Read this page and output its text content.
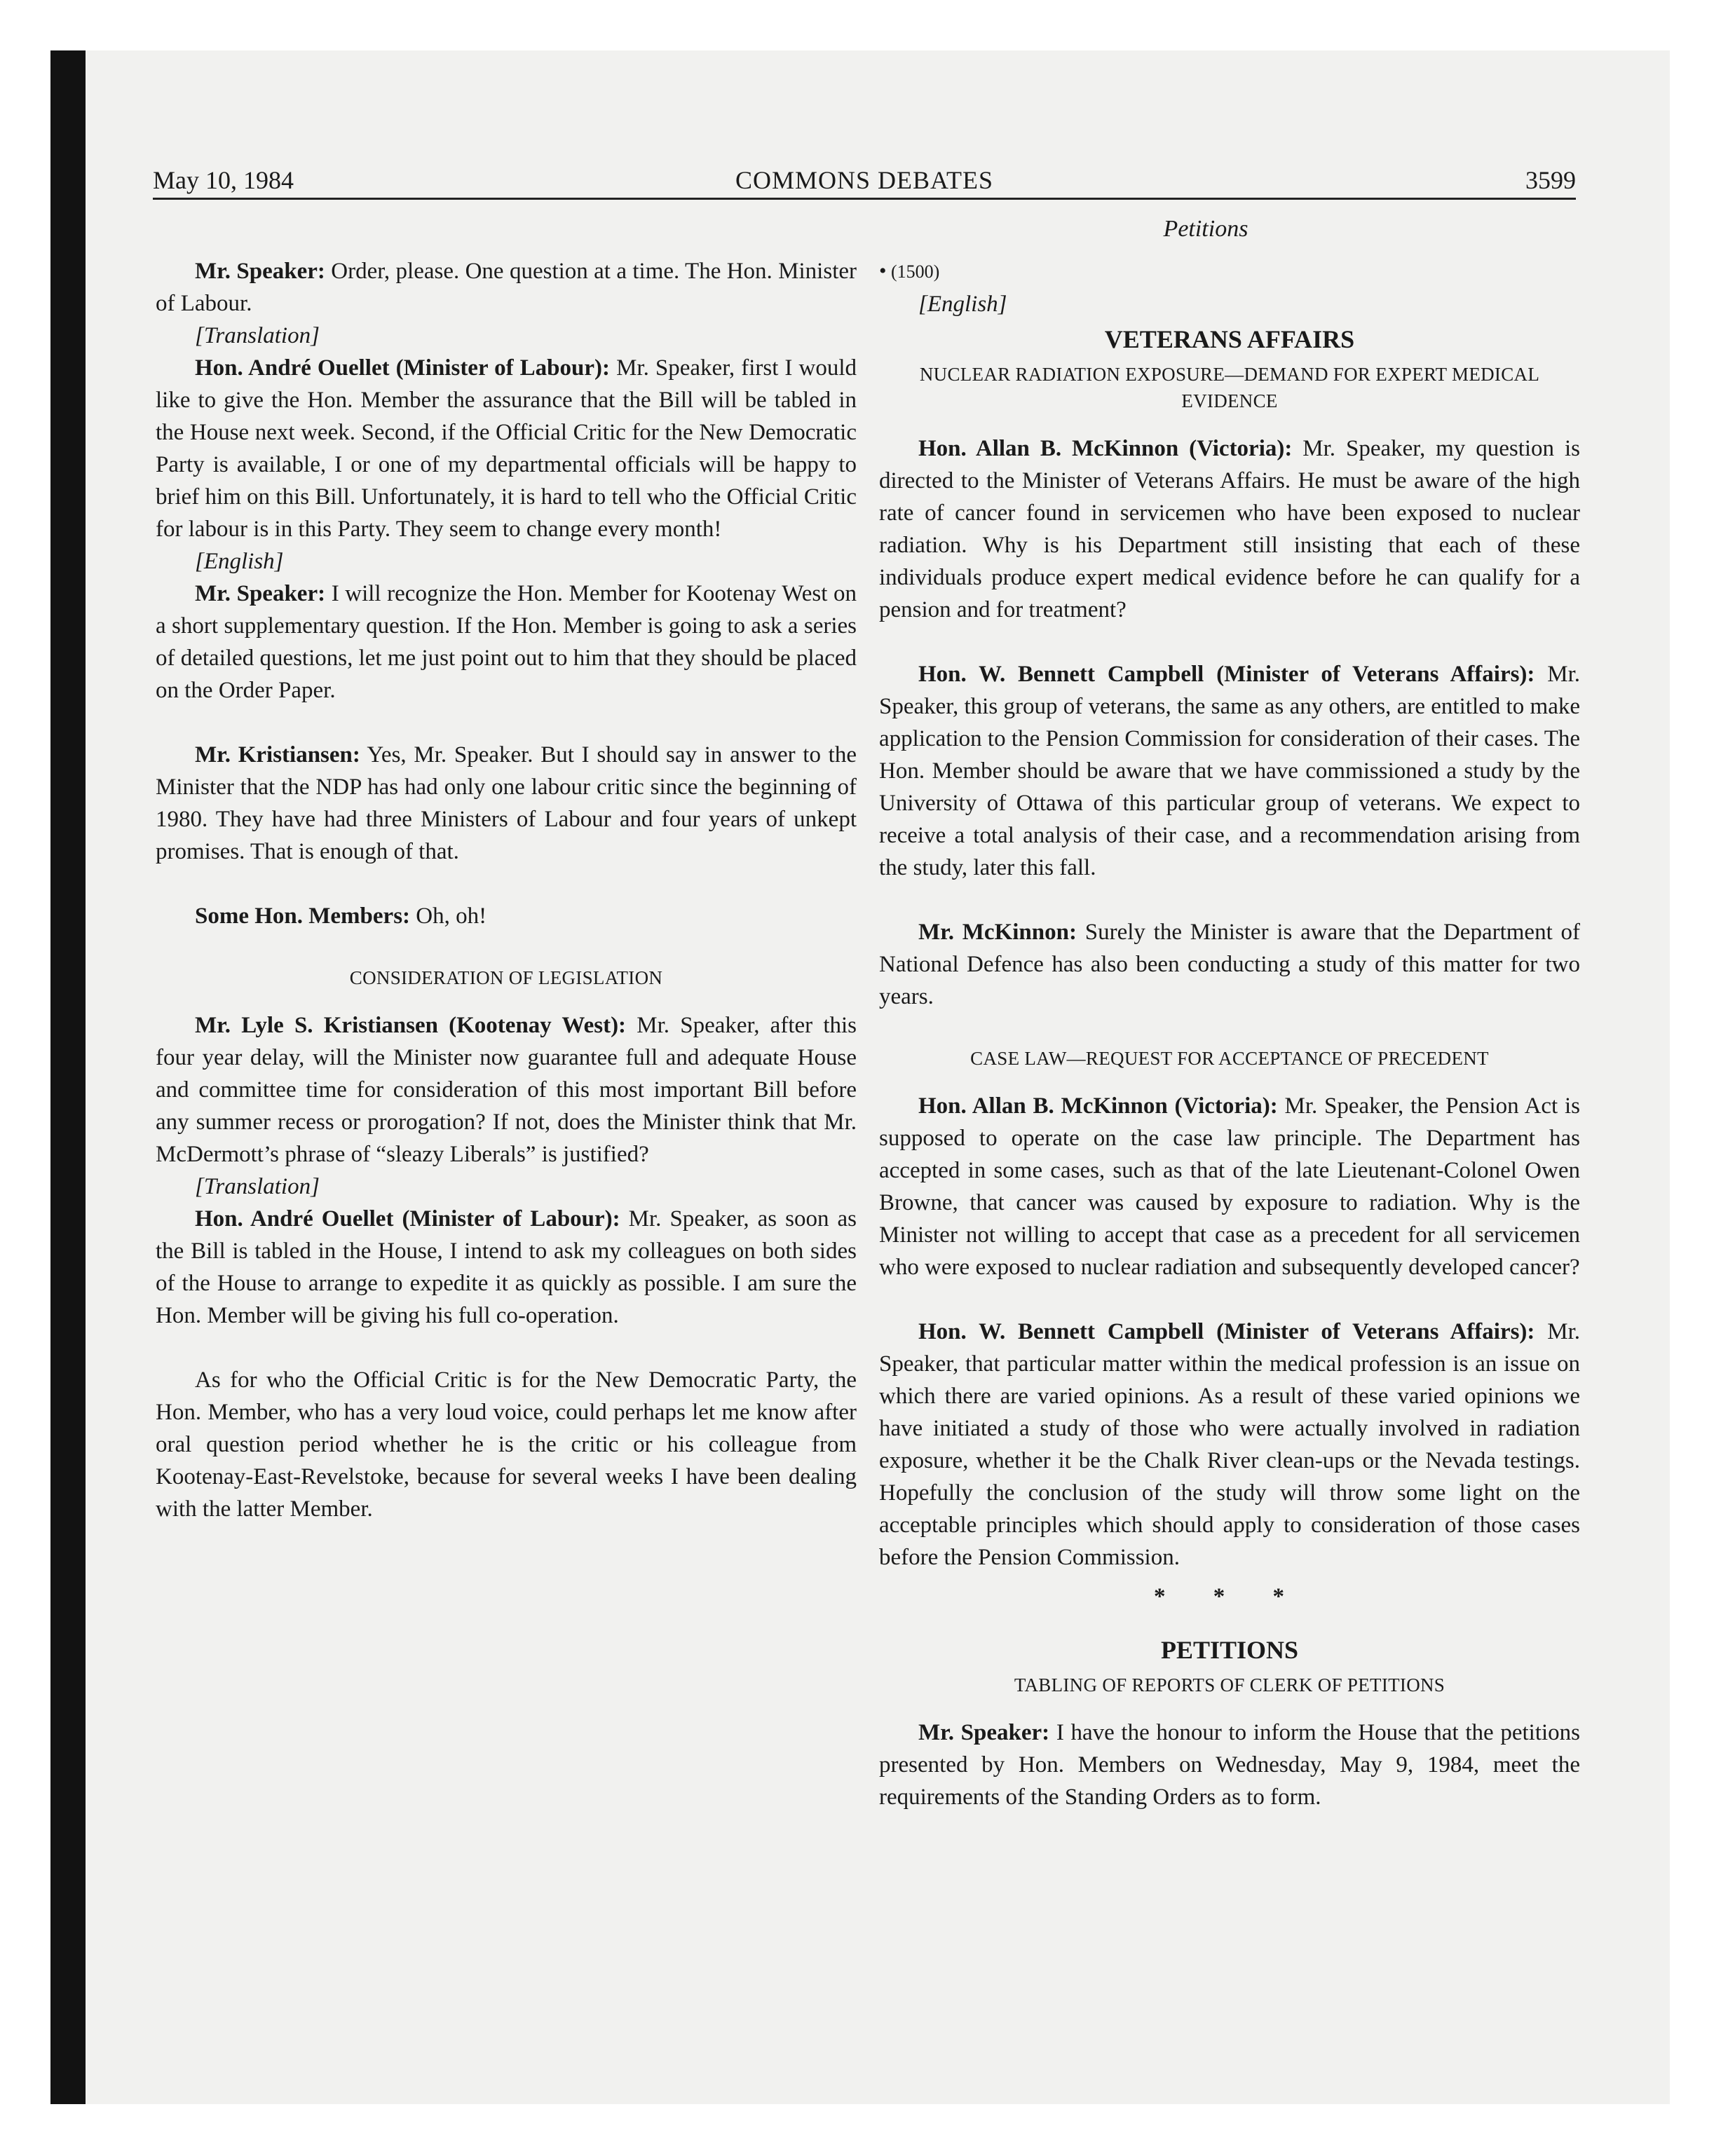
May 10, 1984	COMMONS DEBATES	3599
Petitions

Mr. Speaker: Order, please. One question at a time. The Hon. Minister of Labour.

[Translation]

Hon. André Ouellet (Minister of Labour): Mr. Speaker, first I would like to give the Hon. Member the assurance that the Bill will be tabled in the House next week. Second, if the Official Critic for the New Democratic Party is available, I or one of my departmental officials will be happy to brief him on this Bill. Unfortunately, it is hard to tell who the Official Critic for labour is in this Party. They seem to change every month!

[English]

Mr. Speaker: I will recognize the Hon. Member for Kootenay West on a short supplementary question. If the Hon. Member is going to ask a series of detailed questions, let me just point out to him that they should be placed on the Order Paper.

Mr. Kristiansen: Yes, Mr. Speaker. But I should say in answer to the Minister that the NDP has had only one labour critic since the beginning of 1980. They have had three Ministers of Labour and four years of unkept promises. That is enough of that.

Some Hon. Members: Oh, oh!

CONSIDERATION OF LEGISLATION

Mr. Lyle S. Kristiansen (Kootenay West): Mr. Speaker, after this four year delay, will the Minister now guarantee full and adequate House and committee time for consideration of this most important Bill before any summer recess or prorogation? If not, does the Minister think that Mr. McDermott’s phrase of “sleazy Liberals” is justified?

[Translation]

Hon. André Ouellet (Minister of Labour): Mr. Speaker, as soon as the Bill is tabled in the House, I intend to ask my colleagues on both sides of the House to arrange to expedite it as quickly as possible. I am sure the Hon. Member will be giving his full co-operation.

As for who the Official Critic is for the New Democratic Party, the Hon. Member, who has a very loud voice, could perhaps let me know after oral question period whether he is the critic or his colleague from Kootenay-East-Revelstoke, because for several weeks I have been dealing with the latter Member.

• (1500)

[English]

VETERANS AFFAIRS
NUCLEAR RADIATION EXPOSURE—DEMAND FOR EXPERT MEDICAL EVIDENCE

Hon. Allan B. McKinnon (Victoria): Mr. Speaker, my question is directed to the Minister of Veterans Affairs. He must be aware of the high rate of cancer found in servicemen who have been exposed to nuclear radiation. Why is his Department still insisting that each of these individuals produce expert medical evidence before he can qualify for a pension and for treatment?

Hon. W. Bennett Campbell (Minister of Veterans Affairs): Mr. Speaker, this group of veterans, the same as any others, are entitled to make application to the Pension Commission for consideration of their cases. The Hon. Member should be aware that we have commissioned a study by the University of Ottawa of this particular group of veterans. We expect to receive a total analysis of their case, and a recommendation arising from the study, later this fall.

Mr. McKinnon: Surely the Minister is aware that the Department of National Defence has also been conducting a study of this matter for two years.

CASE LAW—REQUEST FOR ACCEPTANCE OF PRECEDENT

Hon. Allan B. McKinnon (Victoria): Mr. Speaker, the Pension Act is supposed to operate on the case law principle. The Department has accepted in some cases, such as that of the late Lieutenant-Colonel Owen Browne, that cancer was caused by exposure to radiation. Why is the Minister not willing to accept that case as a precedent for all servicemen who were exposed to nuclear radiation and subsequently developed cancer?

Hon. W. Bennett Campbell (Minister of Veterans Affairs): Mr. Speaker, that particular matter within the medical profession is an issue on which there are varied opinions. As a result of these varied opinions we have initiated a study of those who were actually involved in radiation exposure, whether it be the Chalk River clean-ups or the Nevada testings. Hopefully the conclusion of the study will throw some light on the acceptable principles which should apply to consideration of those cases before the Pension Commission.

* * *
PETITIONS
TABLING OF REPORTS OF CLERK OF PETITIONS

Mr. Speaker: I have the honour to inform the House that the petitions presented by Hon. Members on Wednesday, May 9, 1984, meet the requirements of the Standing Orders as to form.
